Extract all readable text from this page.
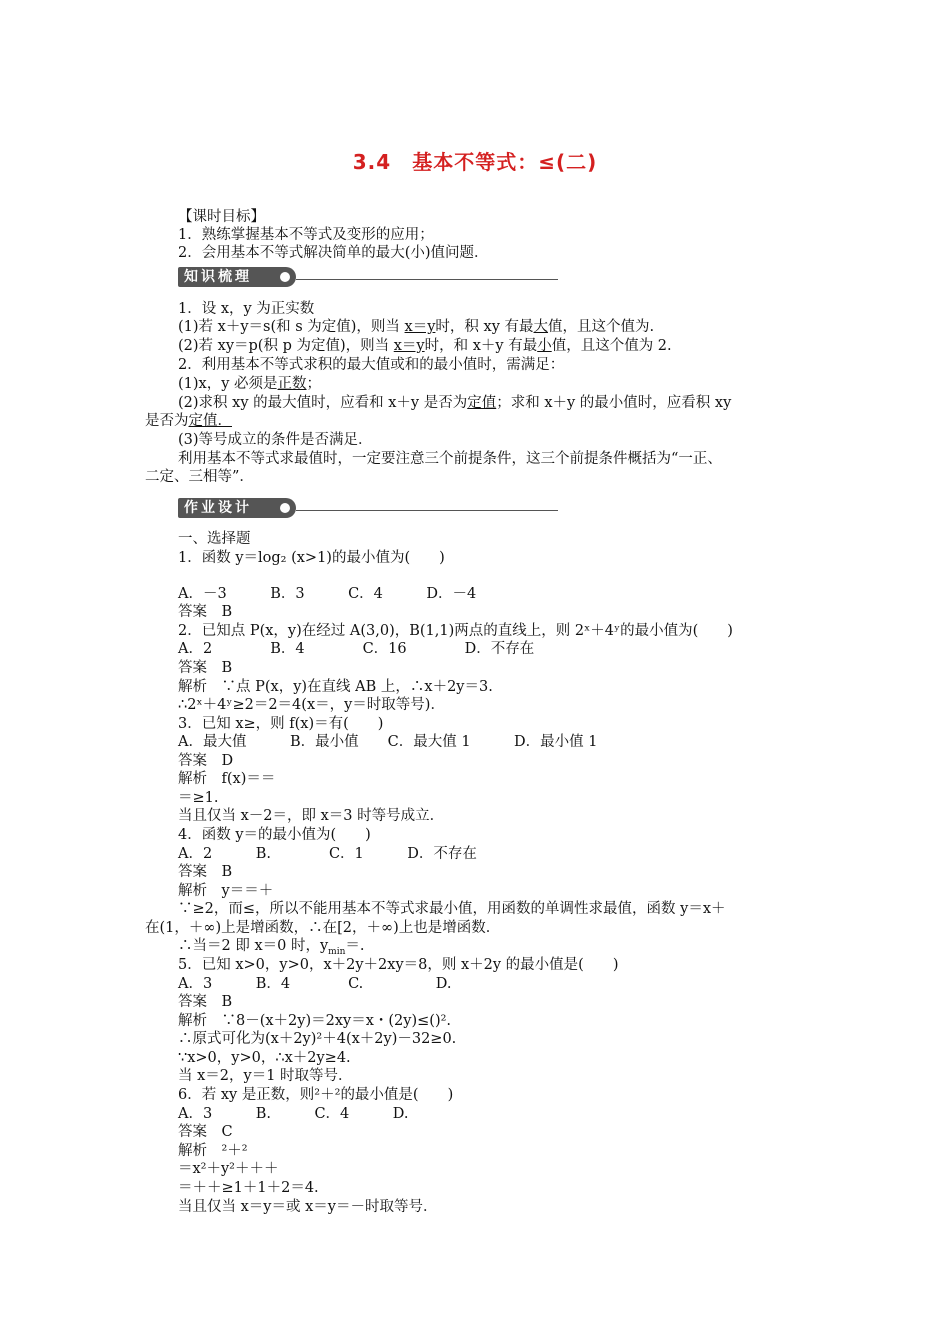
3.4　基本不等式：≤(二)
【课时目标】
1．熟练掌握基本不等式及变形的应用；
2．会用基本不等式解决简单的最大(小)值问题．
知识梳理
1．设 x，y 为正实数
(1)若 x＋y＝s(和 s 为定值)，则当 x＝y时，积 xy 有最大值，且这个值为.
(2)若 xy＝p(积 p 为定值)，则当 x＝y时，和 x＋y 有最小值，且这个值为 2.
2．利用基本不等式求积的最大值或和的最小值时，需满足：
(1)x，y 必须是正数；
(2)求积 xy 的最大值时，应看和 x＋y 是否为定值；求和 x＋y 的最小值时，应看积 xy
是否为定值．
(3)等号成立的条件是否满足．
利用基本不等式求最值时，一定要注意三个前提条件，这三个前提条件概括为“一正、
二定、三相等”．
作业设计
一、选择题
1．函数 y＝log₂ (x>1)的最小值为(　　)
A．－3　　　B．3　　　C．4　　　D．－4
答案　B
2．已知点 P(x，y)在经过 A(3,0)，B(1,1)两点的直线上，则 2ˣ＋4ʸ的最小值为(　　)
A．2　　　　B．4　　　　C．16　　　　D．不存在
答案　B
解析　∵点 P(x，y)在直线 AB 上，∴x＋2y＝3.
∴2ˣ＋4ʸ≥2＝2＝4(x＝，y＝时取等号)．
3．已知 x≥，则 f(x)＝有(　　)
A．最大值　　　B．最小值　　C．最大值 1　　　D．最小值 1
答案　D
解析　f(x)＝＝
＝≥1.
当且仅当 x－2＝，即 x＝3 时等号成立．
4．函数 y＝的最小值为(　　)
A．2　　　B.　　　　C．1　　　D．不存在
答案　B
解析　y＝＝＋
∵≥2，而≤，所以不能用基本不等式求最小值，用函数的单调性求最值，函数 y＝x＋
在(1，＋∞)上是增函数，∴在[2，＋∞)上也是增函数．
∴当＝2 即 x＝0 时，$y_{min}=$.
5．已知 x>0，y>0，x＋2y＋2xy＝8，则 x＋2y 的最小值是(　　)
A．3　　　B．4　　　　C.　　　　　D.
答案　B
解析　∵8－(x＋2y)＝2xy＝x・(2y)≤()².
∴原式可化为(x＋2y)²＋4(x＋2y)－32≥0.
∵x>0，y>0，∴x＋2y≥4.
当 x＝2，y＝1 时取等号．
6．若 xy 是正数，则²＋²的最小值是(　　)
A．3　　　B.　　　C．4　　　D.
答案　C
解析　²＋²
＝x²＋y²＋＋＋
＝＋＋≥1＋1＋2＝4.
当且仅当 x＝y＝或 x＝y＝－时取等号．
